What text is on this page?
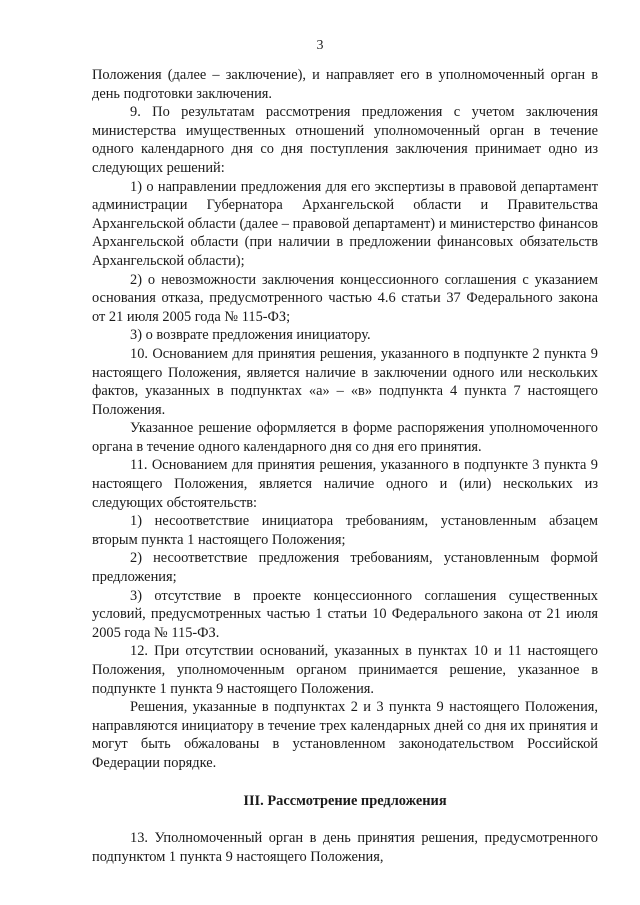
3

Положения (далее – заключение), и направляет его в уполномоченный орган в день подготовки заключения.

9. По результатам рассмотрения предложения с учетом заключения министерства имущественных отношений уполномоченный орган в течение одного календарного дня со дня поступления заключения принимает одно из следующих решений:

1) о направлении предложения для его экспертизы в правовой департамент администрации Губернатора Архангельской области и Правительства Архангельской области (далее – правовой департамент) и министерство финансов Архангельской области (при наличии в предложении финансовых обязательств Архангельской области);

2) о невозможности заключения концессионного соглашения с указанием основания отказа, предусмотренного частью 4.6 статьи 37 Федерального закона от 21 июля 2005 года № 115-ФЗ;

3) о возврате предложения инициатору.

10. Основанием для принятия решения, указанного в подпункте 2 пункта 9 настоящего Положения, является наличие в заключении одного или нескольких фактов, указанных в подпунктах «а» – «в» подпункта 4 пункта 7 настоящего Положения.

Указанное решение оформляется в форме распоряжения уполномоченного органа в течение одного календарного дня со дня его принятия.

11. Основанием для принятия решения, указанного в подпункте 3 пункта 9 настоящего Положения, является наличие одного и (или) нескольких из следующих обстоятельств:

1) несоответствие инициатора требованиям, установленным абзацем вторым пункта 1 настоящего Положения;

2) несоответствие предложения требованиям, установленным формой предложения;

3) отсутствие в проекте концессионного соглашения существенных условий, предусмотренных частью 1 статьи 10 Федерального закона от 21 июля 2005 года № 115-ФЗ.

12. При отсутствии оснований, указанных в пунктах 10 и 11 настоящего Положения, уполномоченным органом принимается решение, указанное в подпункте 1 пункта 9 настоящего Положения.

Решения, указанные в подпунктах 2 и 3 пункта 9 настоящего Положения, направляются инициатору в течение трех календарных дней со дня их принятия и могут быть обжалованы в установленном законодательством Российской Федерации порядке.

III. Рассмотрение предложения

13. Уполномоченный орган в день принятия решения, предусмотренного подпунктом 1 пункта 9 настоящего Положения,
